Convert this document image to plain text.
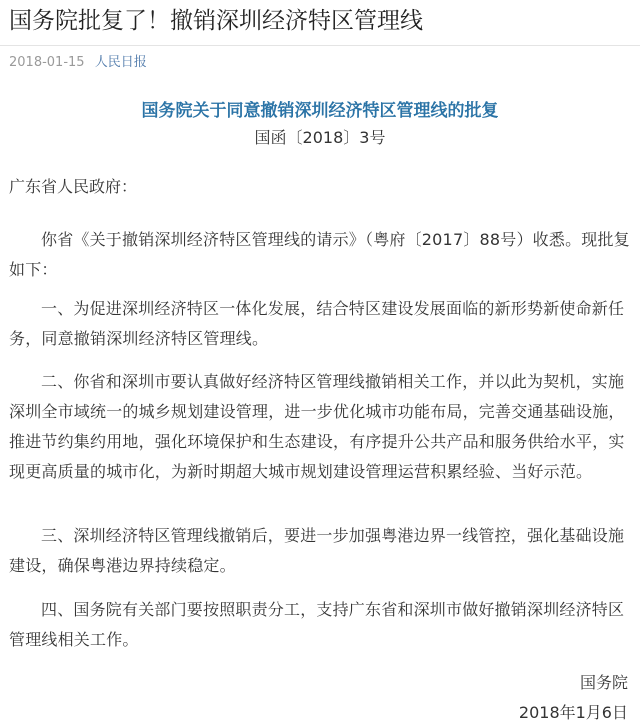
国务院批复了！撤销深圳经济特区管理线
2018-01-15 人民日报
国务院关于同意撤销深圳经济特区管理线的批复
国函〔2018〕3号
广东省人民政府：

你省《关于撤销深圳经济特区管理线的请示》（粤府〔2017〕88号）收悉。现批复如下：

一、为促进深圳经济特区一体化发展，结合特区建设发展面临的新形势新使命新任务，同意撤销深圳经济特区管理线。

二、你省和深圳市要认真做好经济特区管理线撤销相关工作，并以此为契机，实施深圳全市域统一的城乡规划建设管理，进一步优化城市功能布局，完善交通基础设施，推进节约集约用地，强化环境保护和生态建设，有序提升公共产品和服务供给水平，实现更高质量的城市化，为新时期超大城市规划建设管理运营积累经验、当好示范。

三、深圳经济特区管理线撤销后，要进一步加强粤港边界一线管控，强化基础设施建设，确保粤港边界持续稳定。

四、国务院有关部门要按照职责分工，支持广东省和深圳市做好撤销深圳经济特区管理线相关工作。

国务院
2018年1月6日
